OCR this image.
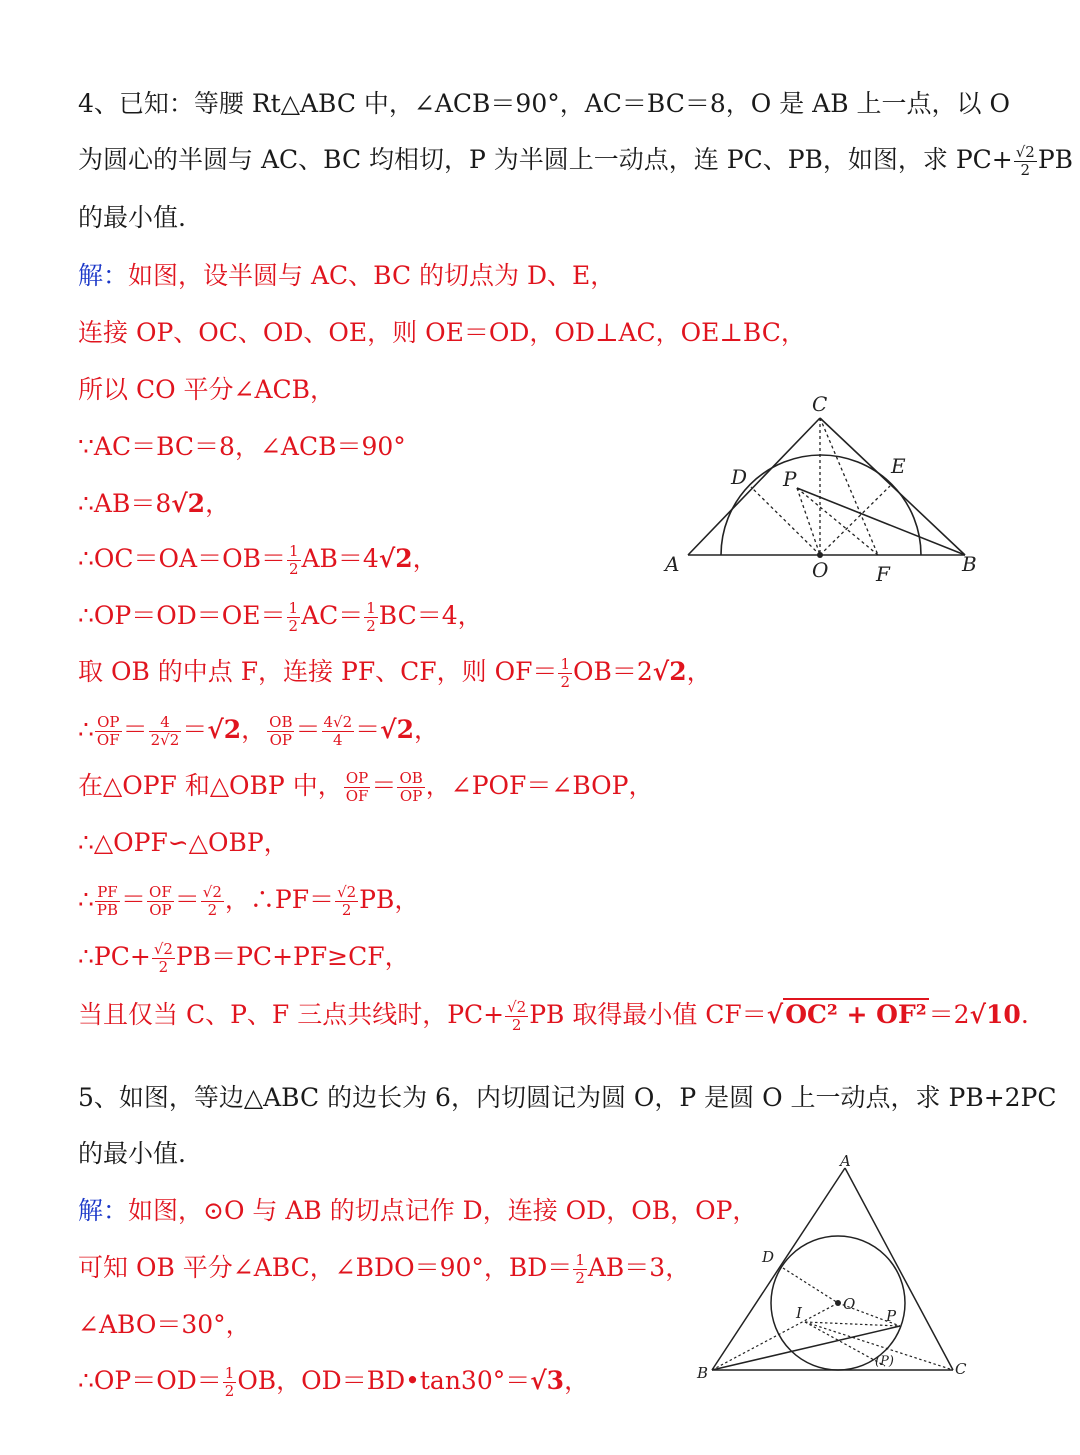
4、已知：等腰 Rt△ABC 中，∠ACB＝90°，AC＝BC＝8，O 是 AB 上一点，以 O
为圆心的半圆与 AC、BC 均相切，P 为半圆上一动点，连 PC、PB，如图，求 $PC+ \frac{√2}{2}$ PB
的最小值.
解：如图，设半圆与 AC、BC 的切点为 D、E，
连接 OP、OC、OD、OE，则 OE＝OD，OD⊥AC，OE⊥BC，
所以 CO 平分∠ACB，
∵AC＝BC＝8，∠ACB＝90°
∴AB＝8√2，
∴OC＝OA＝OB＝ $\frac{1}{2} AB=4√2$，
∴OP＝OD＝OE＝ $\frac{1}{2} AC= \frac{1}{2} BC=4$，
取 OB 的中点 F，连接 PF、CF，则 $OF= \frac{1}{2} OB=2√2$，
∴ $\frac{OP}{OF} = \frac{4}{2√2} =√2$， $\frac{OB}{OP} = \frac{4√2}{4} =√2$，
在△OPF 和△OBP 中， $\frac{OP}{OF} = \frac{OB}{OP}$ ，∠POF＝∠BOP，
∴△OPF∽△OBP，
∴ $\frac{PF}{PB} = \frac{OF}{OP} = \frac{√2}{2}$ ，∴PF＝ $\frac{√2}{2}$ PB，
∴PC+ $\frac{√2}{2} PB=PC+PF\ge CF$，
当且仅当 C、P、F 三点共线时，$PC+ \frac{√2}{2}$ PB 取得最小值 CF＝√OC² + OF²＝2√10.
C
D P
E
A	O F	B
5、如图，等边△ABC 的边长为 6，内切圆记为圆 O，P 是圆 O 上一动点，求 PB+2PC
的最小值.
解：如图，⊙O 与 AB 的切点记作 D，连接 OD，OB，OP，
可知 OB 平分∠ABC，∠BDO＝90°，$BD= \frac{1}{2} AB=3$，
∠ABO＝30°，
∴OP＝OD＝ $\frac{1}{2}$ OB，OD＝BD•tan30°＝√3，
A
D
O
I	P
B	C
(P)
